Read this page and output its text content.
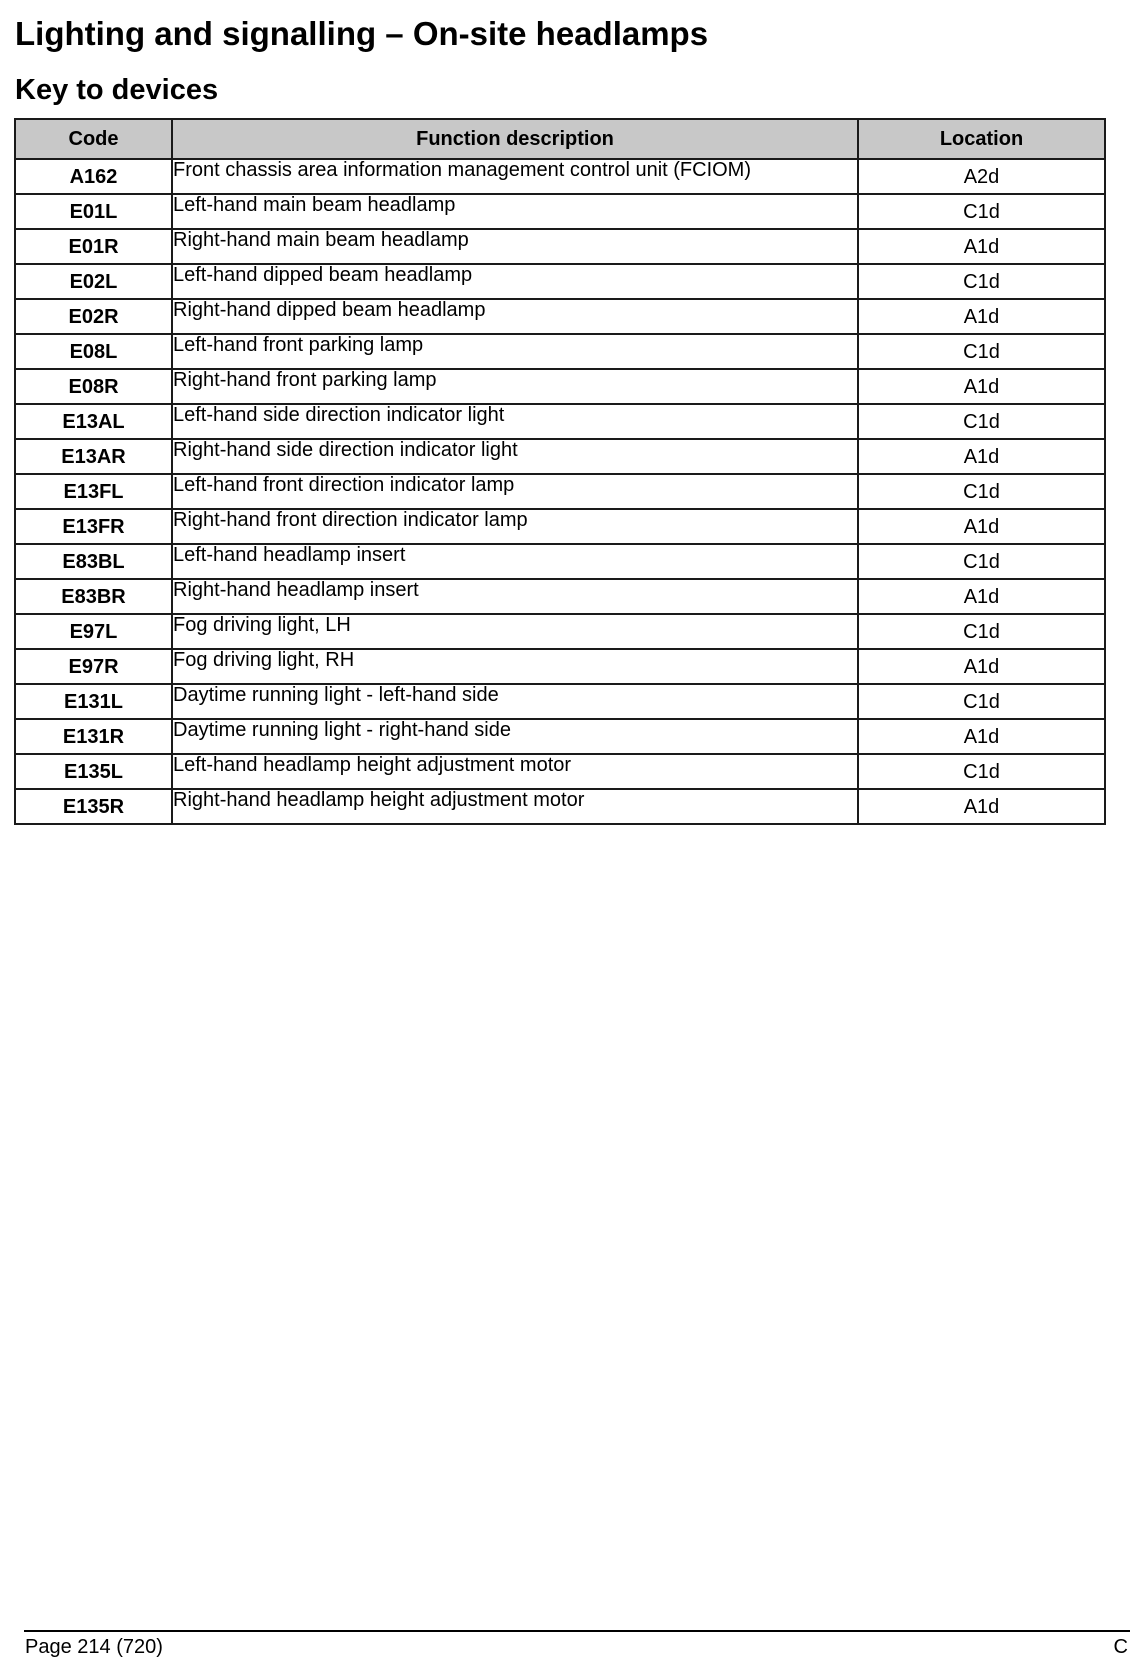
Lighting and signalling – On-site headlamps
Key to devices
Code	Function description	Location
A162	Front chassis area information management control unit (FCIOM)	A2d
E01L	Left-hand main beam headlamp	C1d
E01R	Right-hand main beam headlamp	A1d
E02L	Left-hand dipped beam headlamp	C1d
E02R	Right-hand dipped beam headlamp	A1d
E08L	Left-hand front parking lamp	C1d
E08R	Right-hand front parking lamp	A1d
E13AL	Left-hand side direction indicator light	C1d
E13AR	Right-hand side direction indicator light	A1d
E13FL	Left-hand front direction indicator lamp	C1d
E13FR	Right-hand front direction indicator lamp	A1d
E83BL	Left-hand headlamp insert	C1d
E83BR	Right-hand headlamp insert	A1d
E97L	Fog driving light, LH	C1d
E97R	Fog driving light, RH	A1d
E131L	Daytime running light - left-hand side	C1d
E131R	Daytime running light - right-hand side	A1d
E135L	Left-hand headlamp height adjustment motor	C1d
E135R	Right-hand headlamp height adjustment motor	A1d
Page 214 (720)	C
